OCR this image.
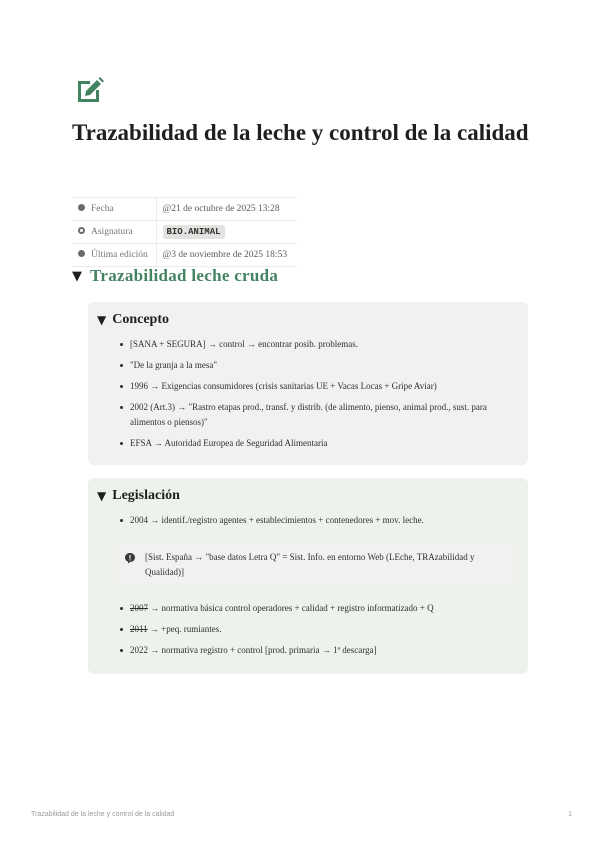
Trazabilidad de la leche y control de la calidad
Fecha	@21 de octubre de 2025 13:28
Asignatura	BIO.ANIMAL
Última edición	@3 de noviembre de 2025 18:53
▼ Trazabilidad leche cruda
▼ Concepto
[SANA + SEGURA] → control → encontrar posib. problemas.
"De la granja a la mesa"
1996 → Exigencias consumidores (crisis sanitarias UE + Vacas Locas + Gripe Aviar)
2002 (Art.3) → "Rastro etapas prod., transf. y distrib. (de alimento, pienso, animal prod., sust. para alimentos o piensos)"
EFSA → Autoridad Europea de Seguridad Alimentaria
▼ Legislación
2004 → identif./registro agentes + establecimientos + contenedores + mov. leche.
[Sist. España → "base datos Letra Q" = Sist. Info. en entorno Web (LEche, TRAzabilidad y Qualidad)]
2007 → normativa básica control operadores + calidad + registro informatizado + Q
2011 → +peq. rumiantes.
2022 → normativa registro + control [prod. primaria → 1ª descarga]
Trazabilidad de la leche y control de la calidad	1
